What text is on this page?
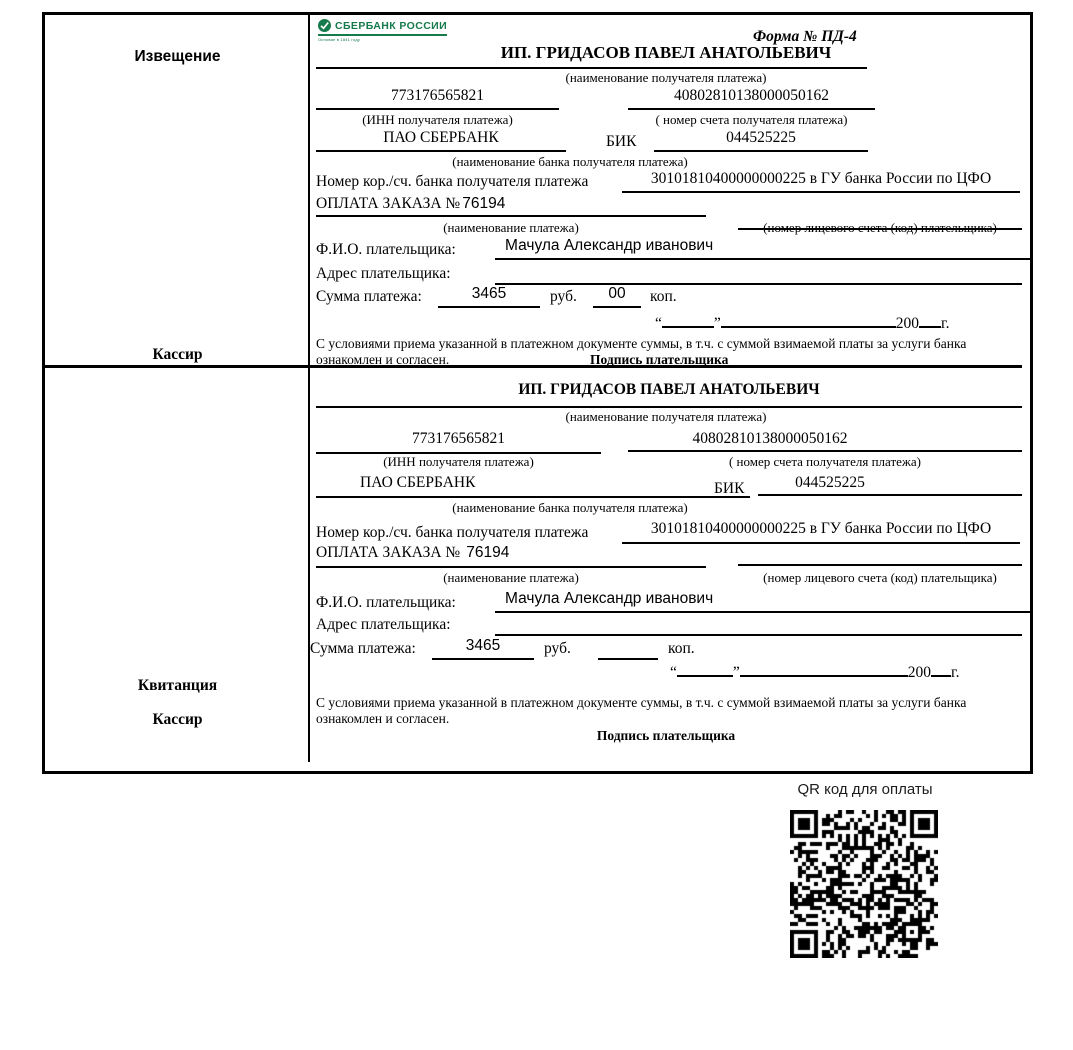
Извещение
Кассир
СБЕРБАНК РОССИИ
Основан в 1841 году	Форма № ПД-4
ИП. ГРИДАСОВ ПАВЕЛ АНАТОЛЬЕВИЧ
(наименование получателя платежа)
773176565821	40802810138000050162
(ИНН получателя платежа)	( номер счета получателя платежа)
ПАО СБЕРБАНК	БИК	044525225
(наименование банка получателя платежа)
Номер кор./сч. банка получателя платежа	30101810400000000225 в ГУ банка России по ЦФО
ОПЛАТА ЗАКАЗА № 76194
(наименование платежа)	(номер лицевого счета (код) плательщика)
Ф.И.О. плательщика:	Мачула Александр иванович
Адрес плательщика:
Сумма платежа:	3465	руб.	00	коп.
“	”	200 г.
С условиями приема указанной в платежном документе суммы, в т.ч. с суммой взимаемой платы за услуги банка
ознакомлен и согласен.	Подпись плательщика
Квитанция
Кассир
ИП. ГРИДАСОВ ПАВЕЛ АНАТОЛЬЕВИЧ
(наименование получателя платежа)
773176565821	40802810138000050162
(ИНН получателя платежа)	( номер счета получателя платежа)
ПАО СБЕРБАНК	БИК	044525225
(наименование банка получателя платежа)
Номер кор./сч. банка получателя платежа	30101810400000000225 в ГУ банка России по ЦФО
ОПЛАТА ЗАКАЗА № 76194
(наименование платежа)	(номер лицевого счета (код) плательщика)
Ф.И.О. плательщика:	Мачула Александр иванович
Адрес плательщика:
Сумма платежа:	3465	руб.	коп.
“	”	200 г.
С условиями приема указанной в платежном документе суммы, в т.ч. с суммой взимаемой платы за услуги банка
ознакомлен и согласен.
Подпись плательщика
QR код для оплаты
